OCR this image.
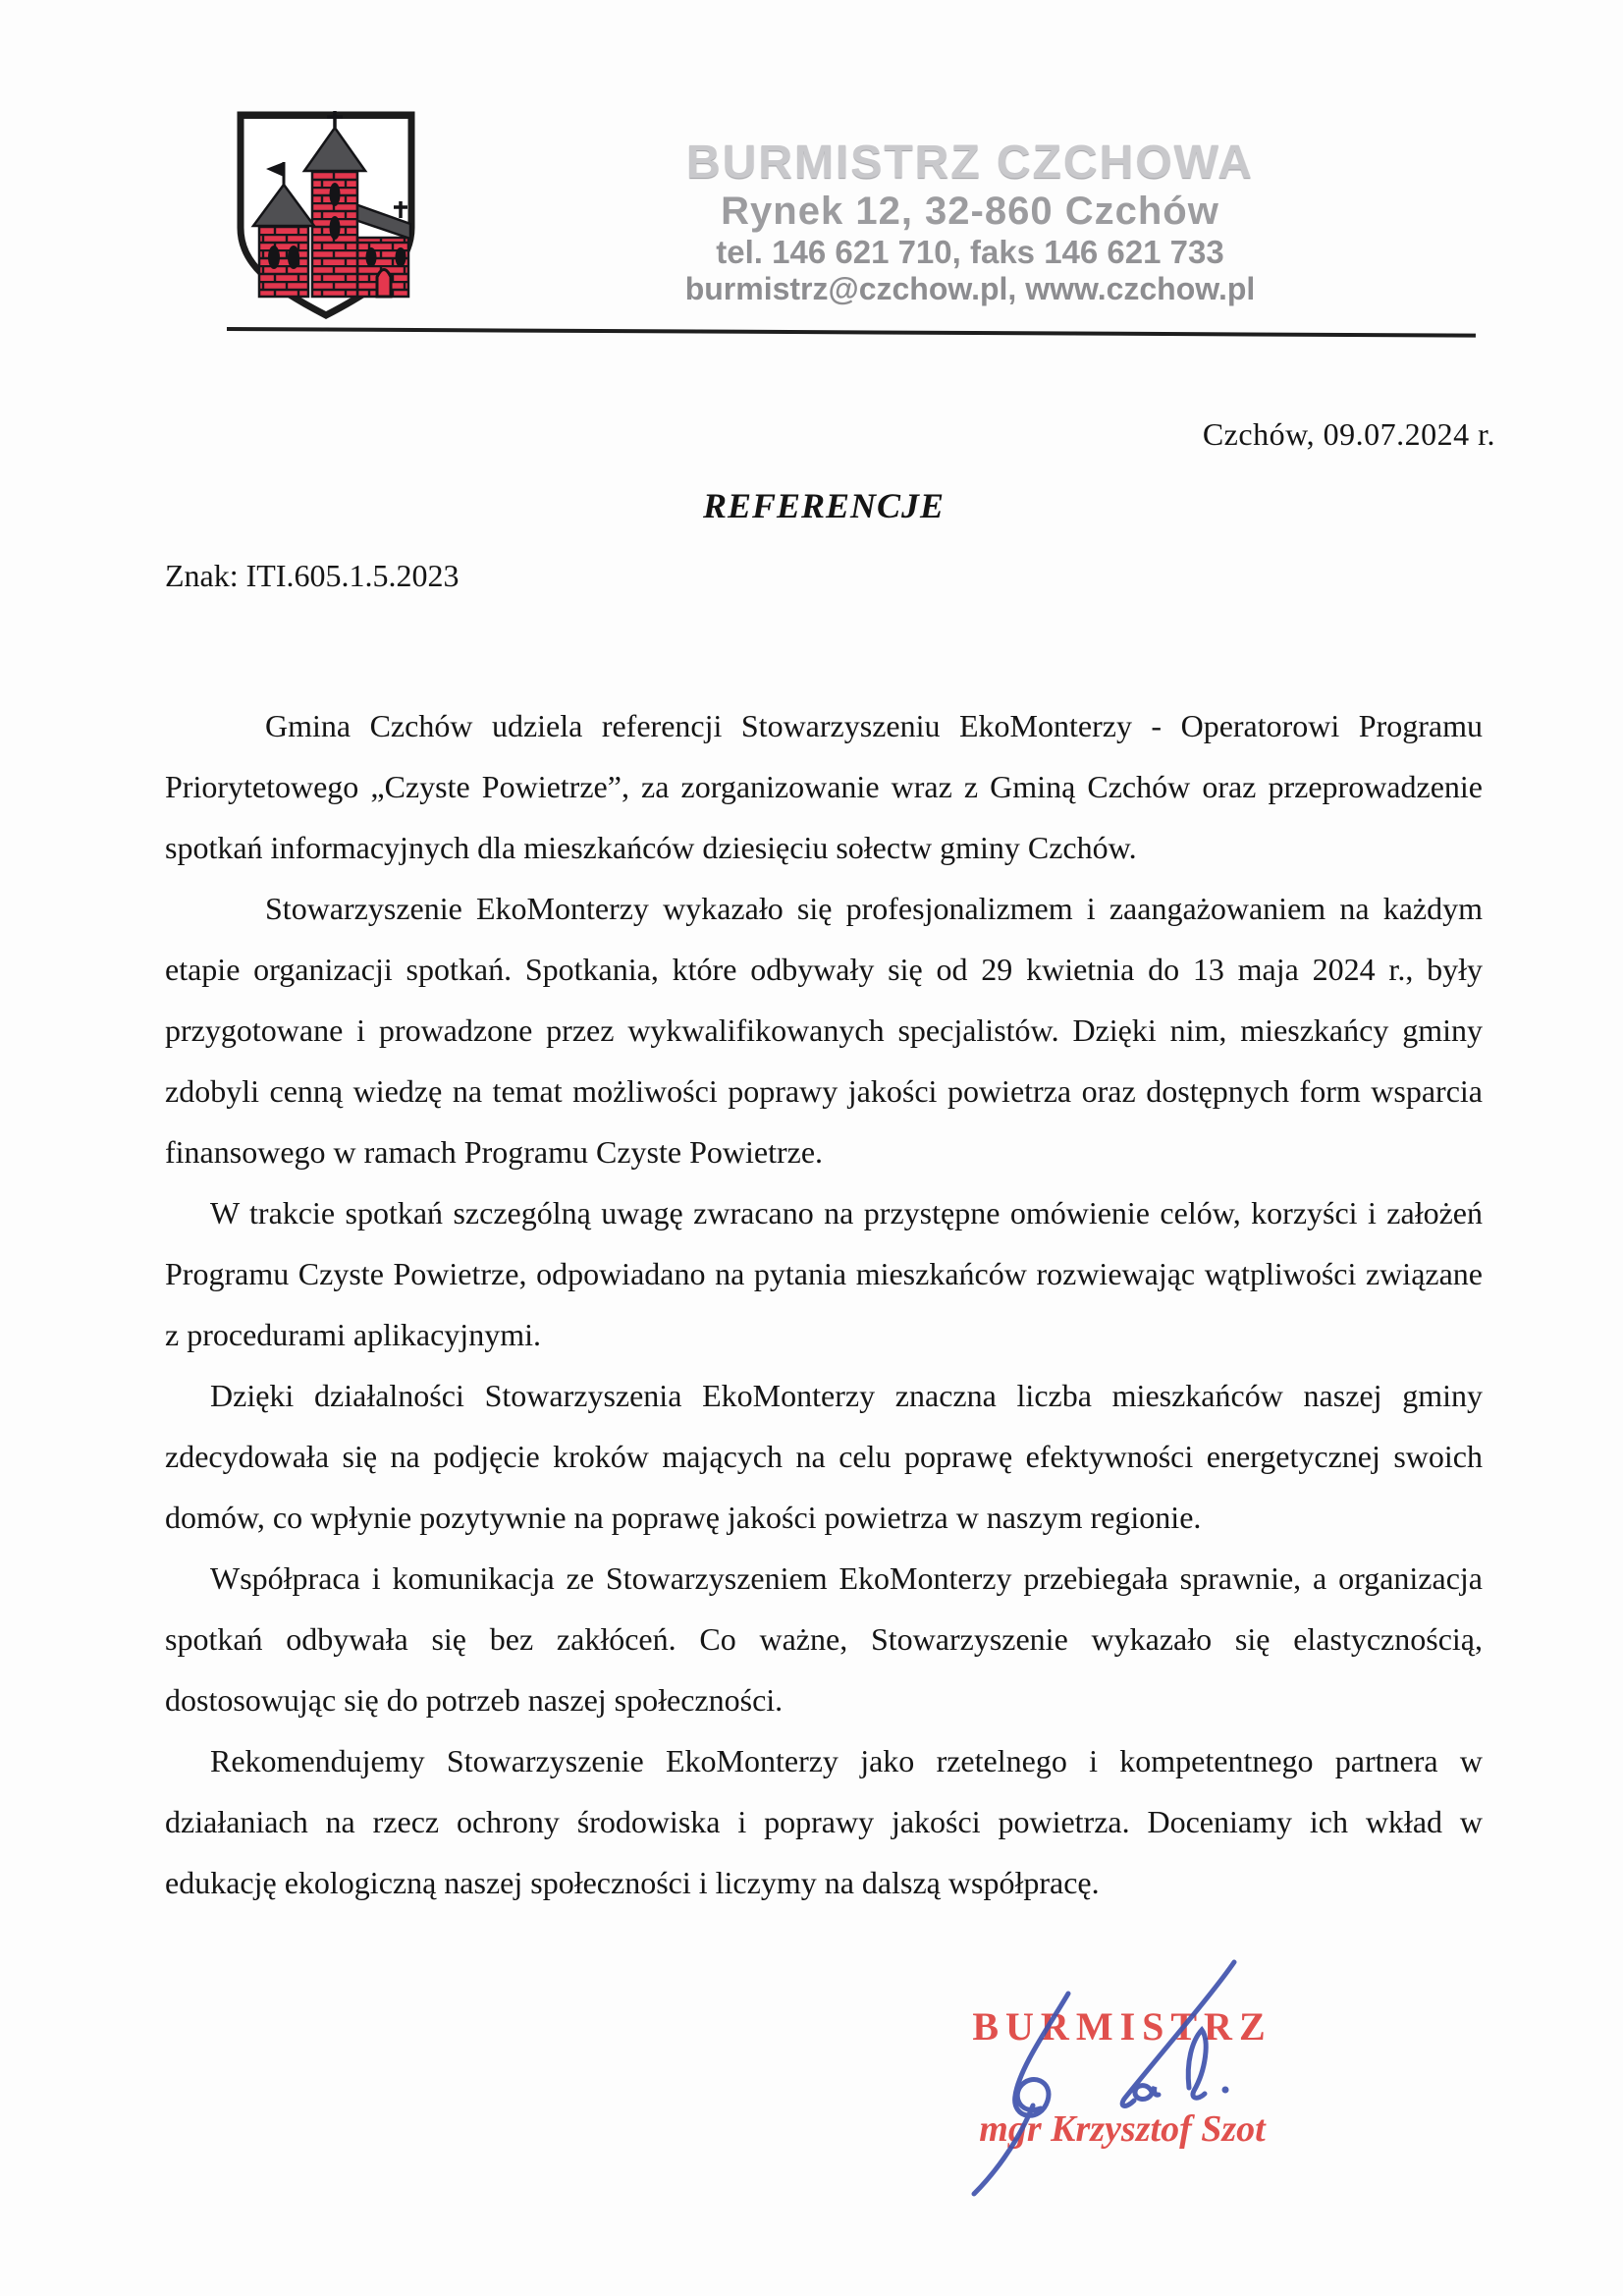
BURMISTRZ CZCHOWA
Rynek 12, 32-860 Czchów
tel. 146 621 710, faks 146 621 733
burmistrz@czchow.pl, www.czchow.pl
Czchów, 09.07.2024 r.
REFERENCJE
Znak: ITI.605.1.5.2023

Gmina Czchów udziela referencji Stowarzyszeniu EkoMonterzy - Operatorowi Programu Priorytetowego „Czyste Powietrze”, za zorganizowanie wraz z Gminą Czchów oraz przeprowadzenie spotkań informacyjnych dla mieszkańców dziesięciu sołectw gminy Czchów.

Stowarzyszenie EkoMonterzy wykazało się profesjonalizmem i zaangażowaniem na każdym etapie organizacji spotkań. Spotkania, które odbywały się od 29 kwietnia do 13 maja 2024 r., były przygotowane i prowadzone przez wykwalifikowanych specjalistów. Dzięki nim, mieszkańcy gminy zdobyli cenną wiedzę na temat możliwości poprawy jakości powietrza oraz dostępnych form wsparcia finansowego w ramach Programu Czyste Powietrze.

W trakcie spotkań szczególną uwagę zwracano na przystępne omówienie celów, korzyści i założeń Programu Czyste Powietrze, odpowiadano na pytania mieszkańców rozwiewając wątpliwości związane z procedurami aplikacyjnymi.

Dzięki działalności Stowarzyszenia EkoMonterzy znaczna liczba mieszkańców naszej gminy zdecydowała się na podjęcie kroków mających na celu poprawę efektywności energetycznej swoich domów, co wpłynie pozytywnie na poprawę jakości powietrza w naszym regionie.

Współpraca i komunikacja ze Stowarzyszeniem EkoMonterzy przebiegała sprawnie, a organizacja spotkań odbywała się bez zakłóceń. Co ważne, Stowarzyszenie wykazało się elastycznością, dostosowując się do potrzeb naszej społeczności.

Rekomendujemy Stowarzyszenie EkoMonterzy jako rzetelnego i kompetentnego partnera w działaniach na rzecz ochrony środowiska i poprawy jakości powietrza. Doceniamy ich wkład w edukację ekologiczną naszej społeczności i liczymy na dalszą współpracę.

BURMISTRZ
mgr Krzysztof Szot
